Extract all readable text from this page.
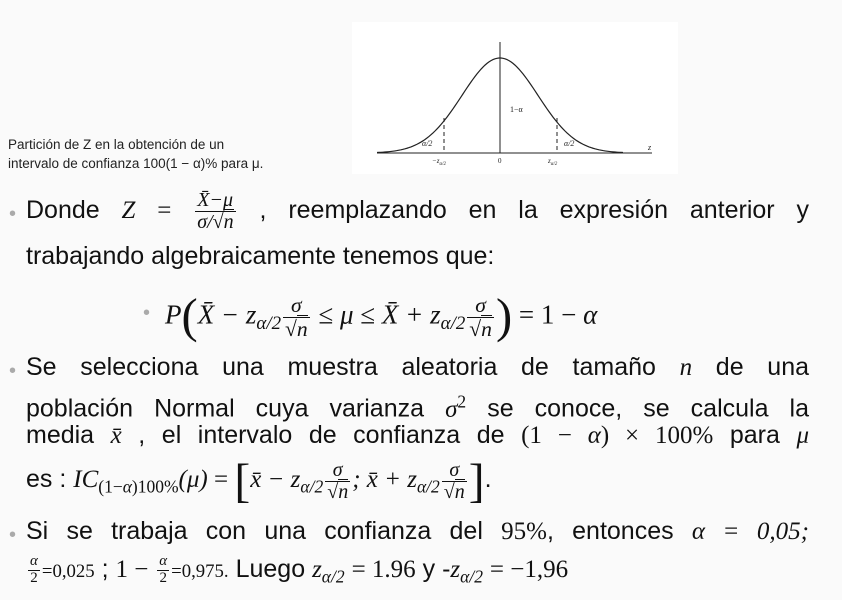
Partición de Z en la obtención de un
intervalo de confianza 100(1 − α)% para μ.
1−α
α/2	α/2
$-z_{\alpha/2}$	0	$z_{\alpha/2}$
z
• Donde $Z = \frac{X̄-\mu}{\sigma/√n}$ , reemplazando en la expresión anterior y
trabajando algebraicamente tenemos que:
• P(X̄ − $z_{\alpha/2} \frac{\sigma}{√n} \le \mu$ ≤ X̄ + $z_{\alpha/2} \frac{\sigma}{√n}$ ) = 1 − α
• Se selecciona una muestra aleatoria de tamaño n de una
población Normal cuya varianza $\sigma^2$ se conoce, se calcula la
media x̄ , el intervalo de confianza de (1 − α) × 100% para μ
es : $IC_{(1-\alpha)100\%}(\mu)$ = [x̄ − $z_{\alpha/2} \frac{\sigma}{√n}$ ; x̄ + $z_{\alpha/2} \frac{\sigma}{√n}$ ].
• Si se trabaja con una confianza del 95%, entonces α = 0,05;
$\frac{\alpha}{2} =0,025$ ; $1 - \frac{\alpha}{2} =0,975$. Luego $z_{\alpha/2} = 1.96$ y $-z_{\alpha/2} = -1,96$
